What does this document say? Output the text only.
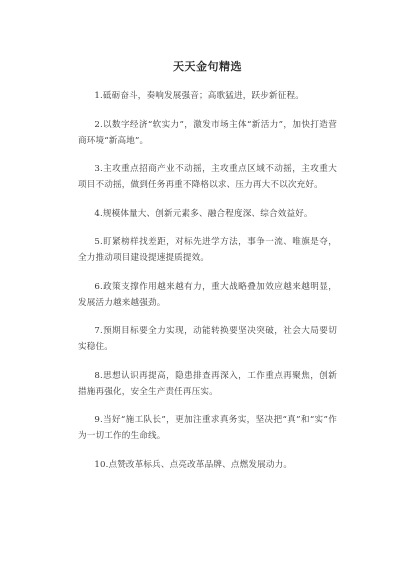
天天金句精选
1.砥砺奋斗，奏响发展强音；高歌猛进，跃步新征程。
2.以数字经济“软实力”，激发市场主体“新活力”，加快打造营商环境“新高地”。
3.主攻重点招商产业不动摇，主攻重点区域不动摇，主攻重大项目不动摇，做到任务再重不降格以求、压力再大不以次充好。
4.规模体量大、创新元素多、融合程度深、综合效益好。
5.盯紧榜样找差距，对标先进学方法，事争一流、唯旗是夺，全力推动项目建设提速提质提效。
6.政策支撑作用越来越有力，重大战略叠加效应越来越明显，发展活力越来越强劲。
7.预期目标要全力实现，动能转换要坚决突破，社会大局要切实稳住。
8.思想认识再提高，隐患排查再深入，工作重点再聚焦，创新措施再强化，安全生产责任再压实。
9.当好“施工队长”，更加注重求真务实，坚决把“真”和“实”作为一切工作的生命线。
10.点赞改革标兵、点亮改革品牌、点燃发展动力。
